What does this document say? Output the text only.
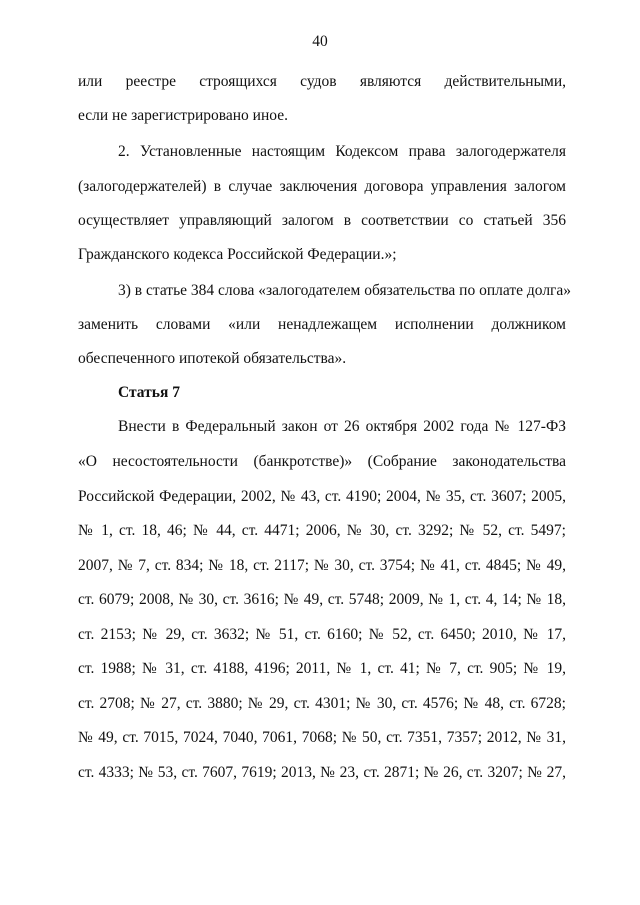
40
или реестре строящихся судов являются действительными,
если не зарегистрировано иное.
2. Установленные настоящим Кодексом права залогодержателя
(залогодержателей) в случае заключения договора управления залогом
осуществляет управляющий залогом в соответствии со статьей 356
Гражданского кодекса Российской Федерации.»;
3) в статье 384 слова «залогодателем обязательства по оплате долга»
заменить словами «или ненадлежащем исполнении должником
обеспеченного ипотекой обязательства».
Статья 7
Внести в Федеральный закон от 26 октября 2002 года № 127-ФЗ
«О несостоятельности (банкротстве)» (Собрание законодательства
Российской Федерации, 2002, № 43, ст. 4190; 2004, № 35, ст. 3607; 2005,
№ 1, ст. 18, 46; № 44, ст. 4471; 2006, № 30, ст. 3292; № 52, ст. 5497;
2007, № 7, ст. 834; № 18, ст. 2117; № 30, ст. 3754; № 41, ст. 4845; № 49,
ст. 6079; 2008, № 30, ст. 3616; № 49, ст. 5748; 2009, № 1, ст. 4, 14; № 18,
ст. 2153; № 29, ст. 3632; № 51, ст. 6160; № 52, ст. 6450; 2010, № 17,
ст. 1988; № 31, ст. 4188, 4196; 2011, № 1, ст. 41; № 7, ст. 905; № 19,
ст. 2708; № 27, ст. 3880; № 29, ст. 4301; № 30, ст. 4576; № 48, ст. 6728;
№ 49, ст. 7015, 7024, 7040, 7061, 7068; № 50, ст. 7351, 7357; 2012, № 31,
ст. 4333; № 53, ст. 7607, 7619; 2013, № 23, ст. 2871; № 26, ст. 3207; № 27,
